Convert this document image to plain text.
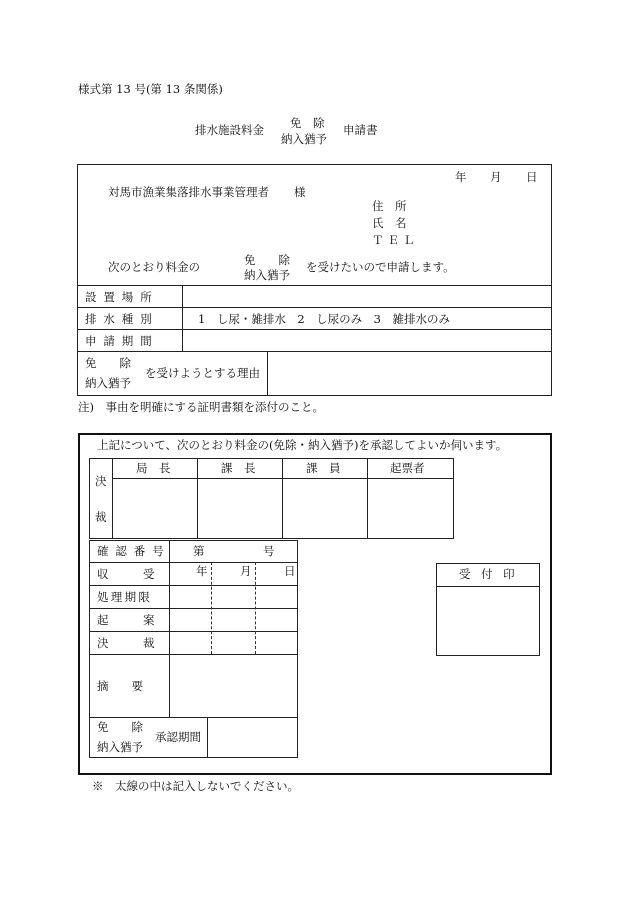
様式第 13 号(第 13 条関係)
排水施設料金 免　除
納入猶予
申請書
年 月 日
対馬市漁業集落排水事業管理者 様
住　所
氏　名
ＴＥＬ
次のとおり料金の	免　　除
納入猶予
を受けたいので申請します。
設置場所
排水種別	1　し尿・雑排水　2　し尿のみ　3　雑排水のみ
申請期間
免　　除
納入猶予
を受けようとする理由
注)　事由を明確にする証明書類を添付のこと。
上記について、次のとおり料金の(免除・納入猶予)を承認してよいか伺います。
決
裁
局　長	課　長	課　員	起票者
確認番号 第	号
収　　　受	年	月	日
処理期限
起　　　案
決　　　裁
摘　　要
免　　除
納入猶予
承認期間
受 付 印
※　太線の中は記入しないでください。
